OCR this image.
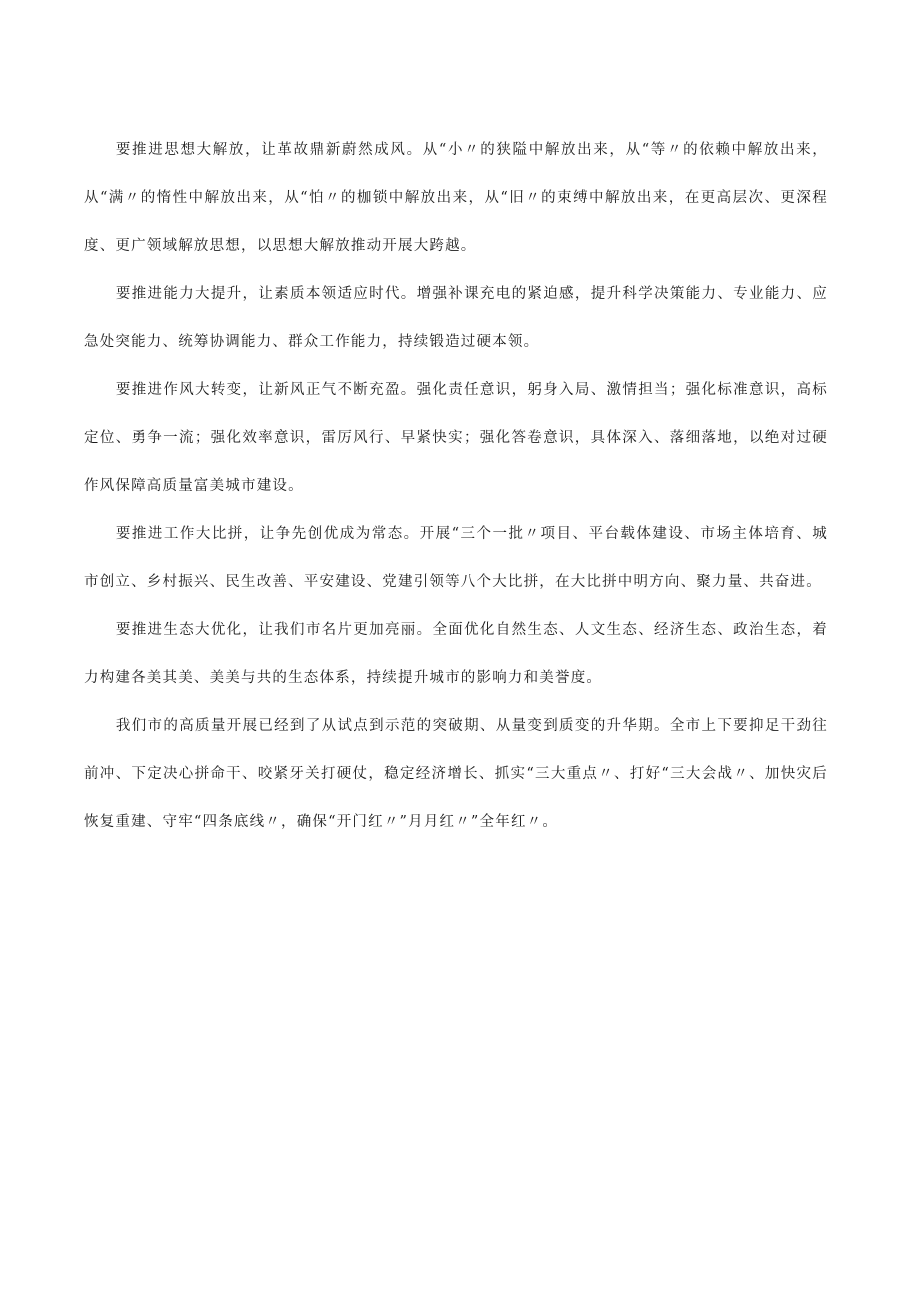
要推进思想大解放，让革故鼎新蔚然成风。从“小〃的狭隘中解放出来，从“等〃的依赖中解放出来，从“满〃的惰性中解放出来，从“怕〃的枷锁中解放出来，从“旧〃的束缚中解放出来，在更高层次、更深程度、更广领域解放思想，以思想大解放推动开展大跨越。

要推进能力大提升，让素质本领适应时代。增强补课充电的紧迫感，提升科学决策能力、专业能力、应急处突能力、统筹协调能力、群众工作能力，持续锻造过硬本领。

要推进作风大转变，让新风正气不断充盈。强化责任意识，躬身入局、激情担当；强化标准意识，高标定位、勇争一流；强化效率意识，雷厉风行、早紧快实；强化答卷意识，具体深入、落细落地，以绝对过硬作风保障高质量富美城市建设。

要推进工作大比拼，让争先创优成为常态。开展“三个一批〃项目、平台载体建设、市场主体培育、城市创立、乡村振兴、民生改善、平安建设、党建引领等八个大比拼，在大比拼中明方向、聚力量、共奋进。

要推进生态大优化，让我们市名片更加亮丽。全面优化自然生态、人文生态、经济生态、政治生态，着力构建各美其美、美美与共的生态体系，持续提升城市的影响力和美誉度。

我们市的高质量开展已经到了从试点到示范的突破期、从量变到质变的升华期。全市上下要抑足干劲往前冲、下定决心拼命干、咬紧牙关打硬仗，稳定经济增长、抓实“三大重点〃、打好“三大会战〃、加快灾后恢复重建、守牢“四条底线〃，确保“开门红〃”月月红〃”全年红〃。
